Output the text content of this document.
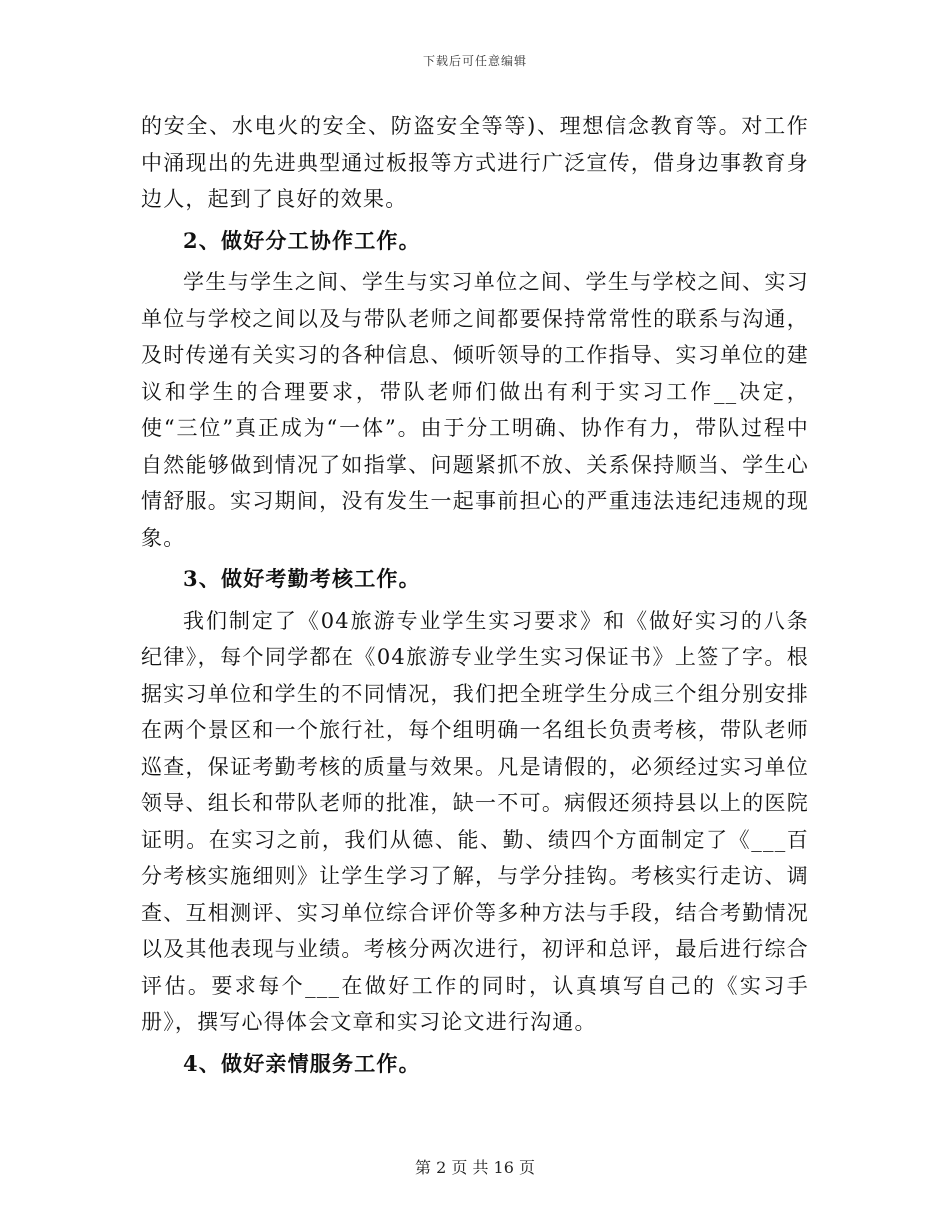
下载后可任意编辑

的安全、水电火的安全、防盗安全等等)、理想信念教育等。对工作中涌现出的先进典型通过板报等方式进行广泛宣传，借身边事教育身边人，起到了良好的效果。

2、做好分工协作工作。

学生与学生之间、学生与实习单位之间、学生与学校之间、实习单位与学校之间以及与带队老师之间都要保持常常性的联系与沟通，及时传递有关实习的各种信息、倾听领导的工作指导、实习单位的建议和学生的合理要求，带队老师们做出有利于实习工作__决定，使“三位”真正成为“一体”。由于分工明确、协作有力，带队过程中自然能够做到情况了如指掌、问题紧抓不放、关系保持顺当、学生心情舒服。实习期间，没有发生一起事前担心的严重违法违纪违规的现象。

3、做好考勤考核工作。

我们制定了《04旅游专业学生实习要求》和《做好实习的八条纪律》，每个同学都在《04旅游专业学生实习保证书》上签了字。根据实习单位和学生的不同情况，我们把全班学生分成三个组分别安排在两个景区和一个旅行社，每个组明确一名组长负责考核，带队老师巡查，保证考勤考核的质量与效果。凡是请假的，必须经过实习单位领导、组长和带队老师的批准，缺一不可。病假还须持县以上的医院证明。在实习之前，我们从德、能、勤、绩四个方面制定了《___百分考核实施细则》让学生学习了解，与学分挂钩。考核实行走访、调查、互相测评、实习单位综合评价等多种方法与手段，结合考勤情况以及其他表现与业绩。考核分两次进行，初评和总评，最后进行综合评估。要求每个___在做好工作的同时，认真填写自己的《实习手册》，撰写心得体会文章和实习论文进行沟通。

4、做好亲情服务工作。

第 2 页 共 16 页
